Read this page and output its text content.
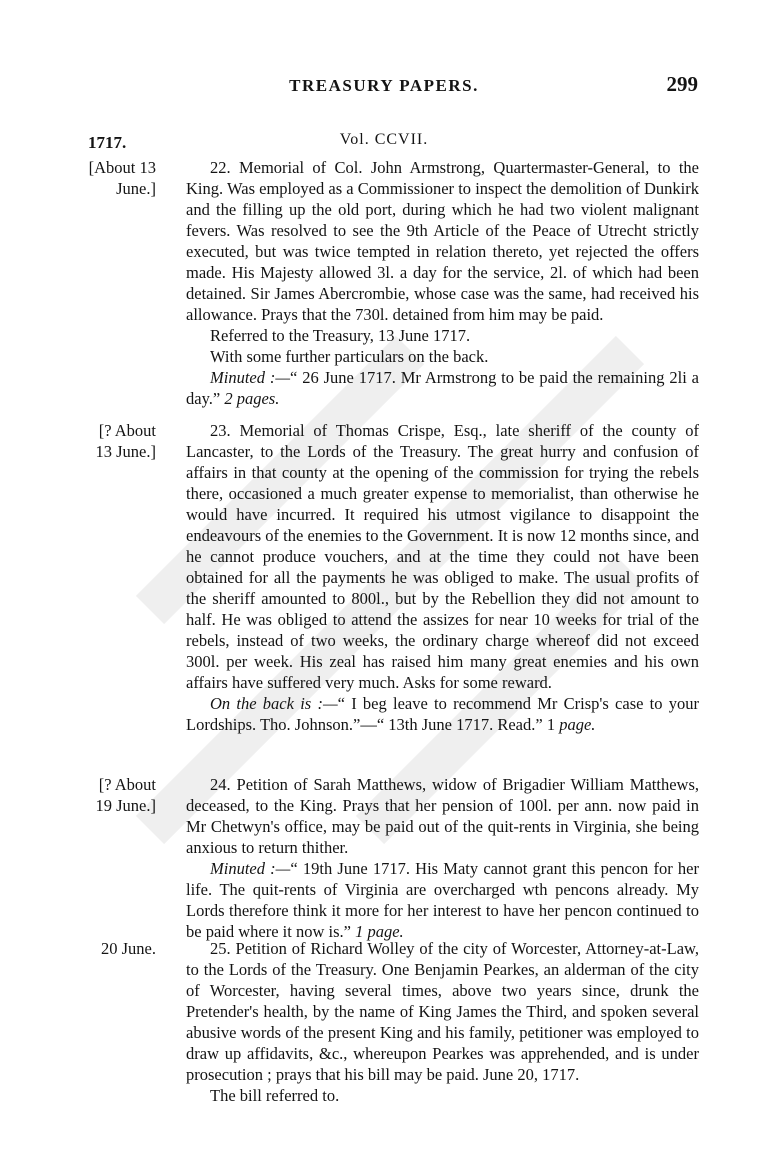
TREASURY PAPERS.	299
Vol. CCVII.
1717.
[About 13
June.]

22. Memorial of Col. John Armstrong, Quartermaster-General, to the King. Was employed as a Commissioner to inspect the demolition of Dunkirk and the filling up the old port, during which he had two violent malignant fevers. Was resolved to see the 9th Article of the Peace of Utrecht strictly executed, but was twice tempted in relation thereto, yet rejected the offers made. His Majesty allowed 3l. a day for the service, 2l. of which had been detained. Sir James Abercrombie, whose case was the same, had received his allowance. Prays that the 730l. detained from him may be paid.

Referred to the Treasury, 13 June 1717.

With some further particulars on the back.

Minuted :—“ 26 June 1717. Mr Armstrong to be paid the remaining 2li a day.” 2 pages.

[? About
13 June.]

23. Memorial of Thomas Crispe, Esq., late sheriff of the county of Lancaster, to the Lords of the Treasury. The great hurry and confusion of affairs in that county at the opening of the commission for trying the rebels there, occasioned a much greater expense to memorialist, than otherwise he would have incurred. It required his utmost vigilance to disappoint the endeavours of the enemies to the Government. It is now 12 months since, and he cannot produce vouchers, and at the time they could not have been obtained for all the payments he was obliged to make. The usual profits of the sheriff amounted to 800l., but by the Rebellion they did not amount to half. He was obliged to attend the assizes for near 10 weeks for trial of the rebels, instead of two weeks, the ordinary charge whereof did not exceed 300l. per week. His zeal has raised him many great enemies and his own affairs have suffered very much. Asks for some reward.

On the back is :—“ I beg leave to recommend Mr Crisp's case to your Lordships. Tho. Johnson.”—“ 13th June 1717. Read.” 1 page.

[? About
19 June.]

24. Petition of Sarah Matthews, widow of Brigadier William Matthews, deceased, to the King. Prays that her pension of 100l. per ann. now paid in Mr Chetwyn's office, may be paid out of the quit-rents in Virginia, she being anxious to return thither.

Minuted :—“ 19th June 1717. His Maty cannot grant this pencon for her life. The quit-rents of Virginia are overcharged wth pencons already. My Lords therefore think it more for her interest to have her pencon continued to be paid where it now is.” 1 page.

20 June.	25. Petition of Richard Wolley of the city of Worcester, Attorney-at-Law, to the Lords of the Treasury. One Benjamin Pearkes, an alderman of the city of Worcester, having several times, above two years since, drunk the Pretender's health, by the name of King James the Third, and spoken several abusive words of the present King and his family, petitioner was employed to draw up affidavits, &c., whereupon Pearkes was apprehended, and is under prosecution ; prays that his bill may be paid. June 20, 1717.

The bill referred to.
